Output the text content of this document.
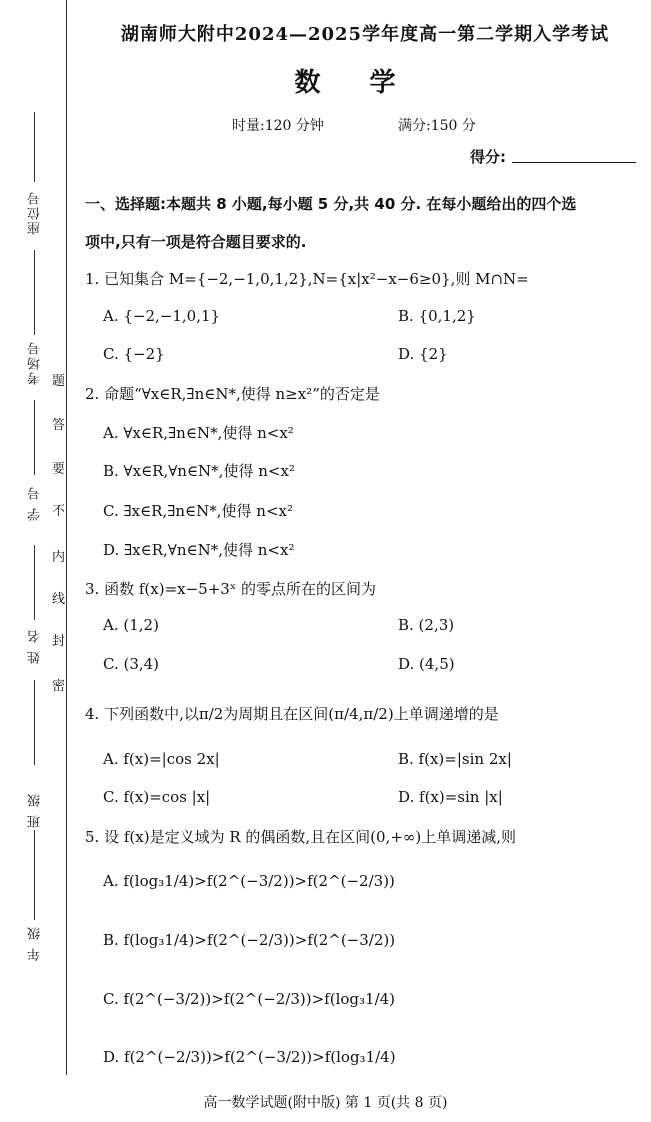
座位号
考场号
学 号
姓 名
班 级
年 级
密
封
线
内
不
要
答
题
湖南师大附中2024—2025学年度高一第二学期入学考试
数 学
时量:120 分钟	满分:150 分
得分:
一、选择题:本题共 8 小题,每小题 5 分,共 40 分. 在每小题给出的四个选
项中,只有一项是符合题目要求的.
1. 已知集合 M={−2,−1,0,1,2},N={x|x²−x−6≥0},则 M∩N=
A. {−2,−1,0,1}	B. {0,1,2}
C. {−2}	D. {2}
2. 命题“∀x∈R,∃n∈N*,使得 n≥x²”的否定是
A. ∀x∈R,∃n∈N*,使得 n<x²
B. ∀x∈R,∀n∈N*,使得 n<x²
C. ∃x∈R,∃n∈N*,使得 n<x²
D. ∃x∈R,∀n∈N*,使得 n<x²
3. 函数 f(x)=x−5+3ˣ 的零点所在的区间为
A. (1,2)	B. (2,3)
C. (3,4)	D. (4,5)
4. 下列函数中,以π/2为周期且在区间(π/4,π/2)上单调递增的是
A. f(x)=|cos 2x|	B. f(x)=|sin 2x|
C. f(x)=cos |x|	D. f(x)=sin |x|
5. 设 f(x)是定义域为 R 的偶函数,且在区间(0,+∞)上单调递减,则
A. f(log₃1/4)>f(2^(−3/2))>f(2^(−2/3))
B. f(log₃1/4)>f(2^(−2/3))>f(2^(−3/2))
C. f(2^(−3/2))>f(2^(−2/3))>f(log₃1/4)
D. f(2^(−2/3))>f(2^(−3/2))>f(log₃1/4)
高一数学试题(附中版) 第 1 页(共 8 页)
